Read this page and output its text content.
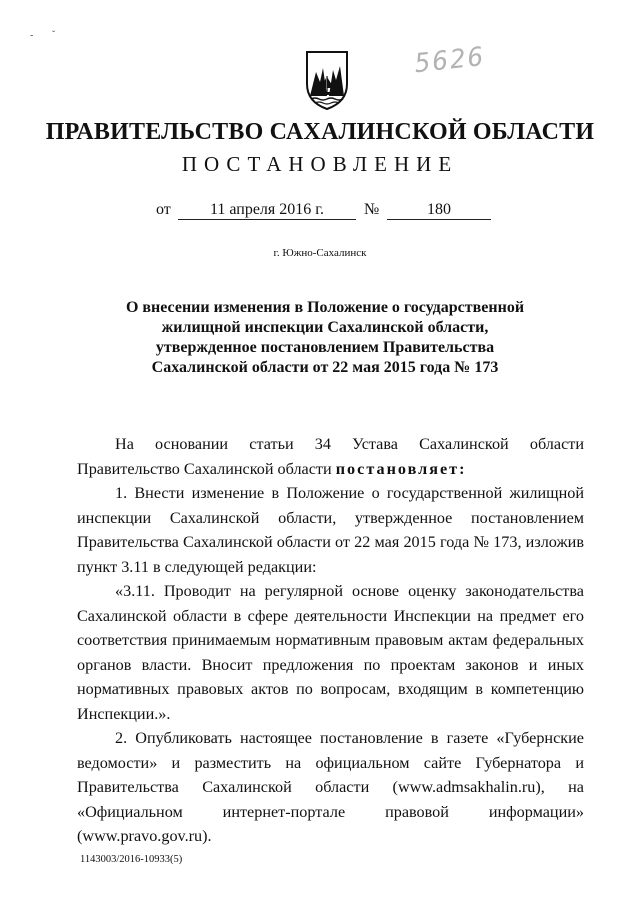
- ˇ
5626
ПРАВИТЕЛЬСТВО САХАЛИНСКОЙ ОБЛАСТИ
ПОСТАНОВЛЕНИЕ
от	11 апреля 2016 г.	№	180
г. Южно-Сахалинск
О внесении изменения в Положение о государственной
жилищной инспекции Сахалинской области,
утвержденное постановлением Правительства
Сахалинской области от 22 мая 2015 года № 173

На основании статьи 34 Устава Сахалинской области Правительство Сахалинской области постановляет:

1. Внести изменение в Положение о государственной жилищной инспекции Сахалинской области, утвержденное постановлением Правительства Сахалинской области от 22 мая 2015 года № 173, изложив пункт 3.11 в следующей редакции:

«3.11. Проводит на регулярной основе оценку законодательства Сахалинской области в сфере деятельности Инспекции на предмет его соответствия принимаемым нормативным правовым актам федеральных органов власти. Вносит предложения по проектам законов и иных нормативных правовых актов по вопросам, входящим в компетенцию Инспекции.».

2. Опубликовать настоящее постановление в газете «Губернские ведомости» и разместить на официальном сайте Губернатора и Правительства Сахалинской области (www.admsakhalin.ru), на «Официальном интернет-портале правовой информации» (www.pravo.gov.ru).

1143003/2016-10933(5)
